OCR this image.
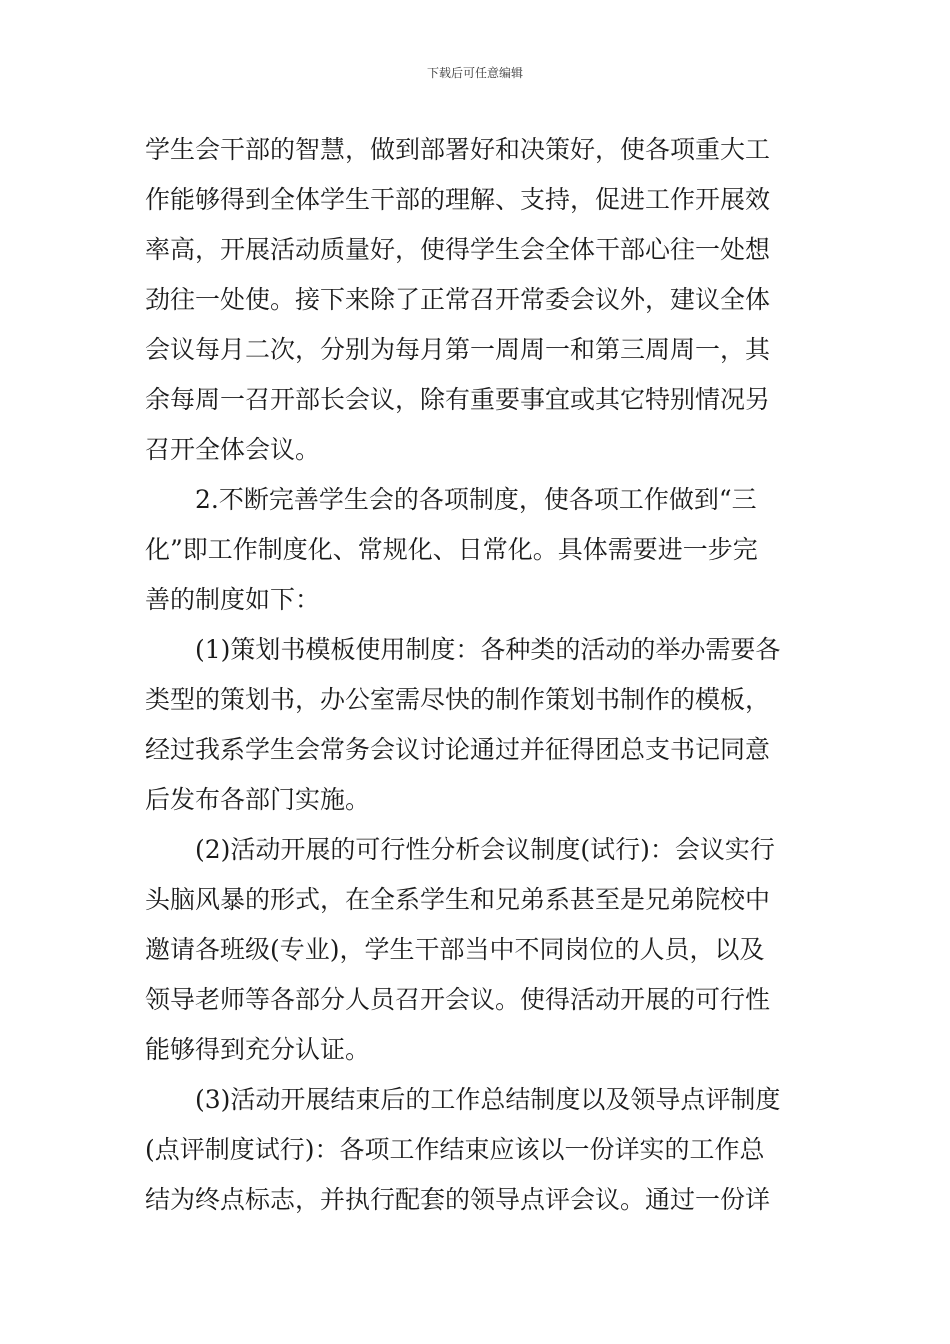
下载后可任意编辑
学生会干部的智慧，做到部署好和决策好，使各项重大工
作能够得到全体学生干部的理解、支持，促进工作开展效
率高，开展活动质量好，使得学生会全体干部心往一处想
劲往一处使。接下来除了正常召开常委会议外，建议全体
会议每月二次，分别为每月第一周周一和第三周周一，其
余每周一召开部长会议，除有重要事宜或其它特别情况另
召开全体会议。
　　2.不断完善学生会的各项制度，使各项工作做到“三
化”即工作制度化、常规化、日常化。具体需要进一步完
善的制度如下：
　　(1)策划书模板使用制度：各种类的活动的举办需要各
类型的策划书，办公室需尽快的制作策划书制作的模板，
经过我系学生会常务会议讨论通过并征得团总支书记同意
后发布各部门实施。
　　(2)活动开展的可行性分析会议制度(试行)：会议实行
头脑风暴的形式，在全系学生和兄弟系甚至是兄弟院校中
邀请各班级(专业)，学生干部当中不同岗位的人员，以及
领导老师等各部分人员召开会议。使得活动开展的可行性
能够得到充分认证。
　　(3)活动开展结束后的工作总结制度以及领导点评制度
(点评制度试行)：各项工作结束应该以一份详实的工作总
结为终点标志，并执行配套的领导点评会议。通过一份详
